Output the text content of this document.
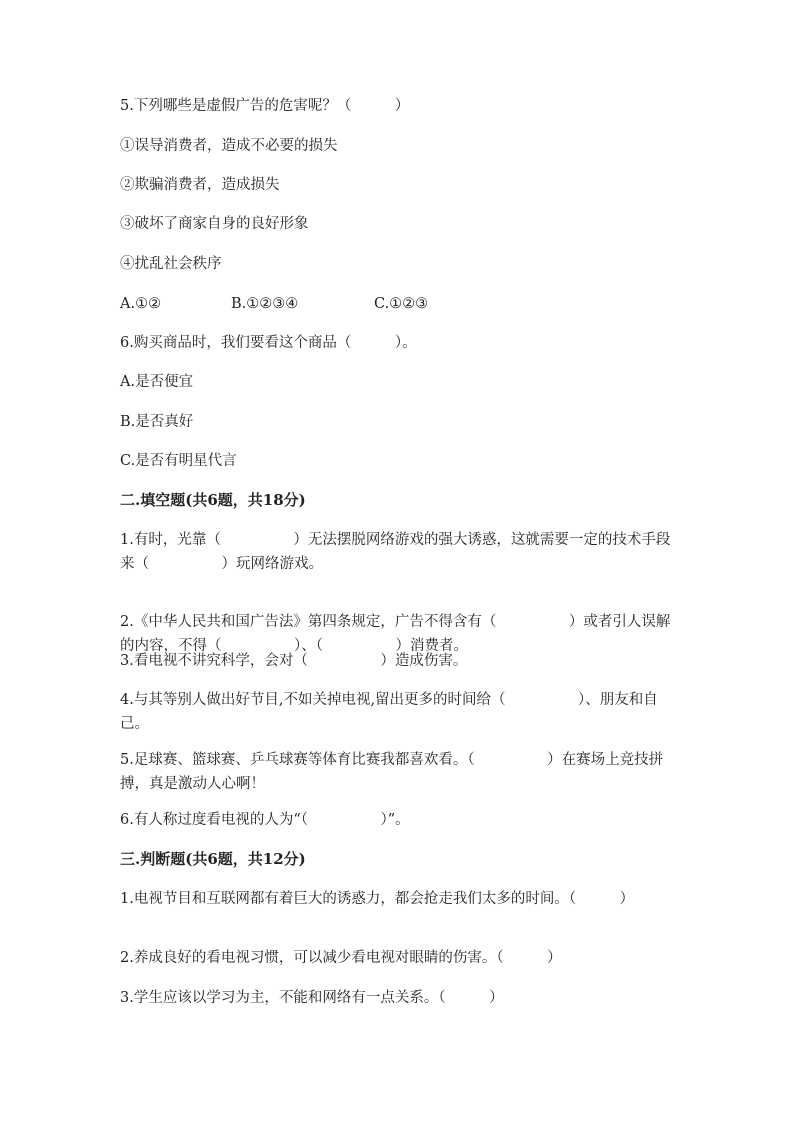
5.下列哪些是虚假广告的危害呢？（　　　）
①误导消费者，造成不必要的损失
②欺骗消费者，造成损失
③破坏了商家自身的良好形象
④扰乱社会秩序
A.①②	B.①②③④	C.①②③
6.购买商品时，我们要看这个商品（　　　）。
A.是否便宜
B.是否真好
C.是否有明星代言
二.填空题(共6题，共18分)
1.有时，光靠（　　　　　）无法摆脱网络游戏的强大诱惑，这就需要一定的技术手段来（　　　　　）玩网络游戏。
2.《中华人民共和国广告法》第四条规定，广告不得含有（　　　　　）或者引人误解的内容，不得（　　　　　）、（　　　　　）消费者。
3.看电视不讲究科学，会对（　　　　　）造成伤害。
4.与其等别人做出好节目,不如关掉电视,留出更多的时间给（　　　　　）、朋友和自己。
5.足球赛、篮球赛、乒乓球赛等体育比赛我都喜欢看。（　　　　　）在赛场上竞技拼搏，真是激动人心啊！
6.有人称过度看电视的人为“（　　　　　）”。
三.判断题(共6题，共12分)
1.电视节目和互联网都有着巨大的诱惑力，都会抢走我们太多的时间。（　　　）
2.养成良好的看电视习惯，可以减少看电视对眼睛的伤害。（　　　）
3.学生应该以学习为主，不能和网络有一点关系。（　　　）
